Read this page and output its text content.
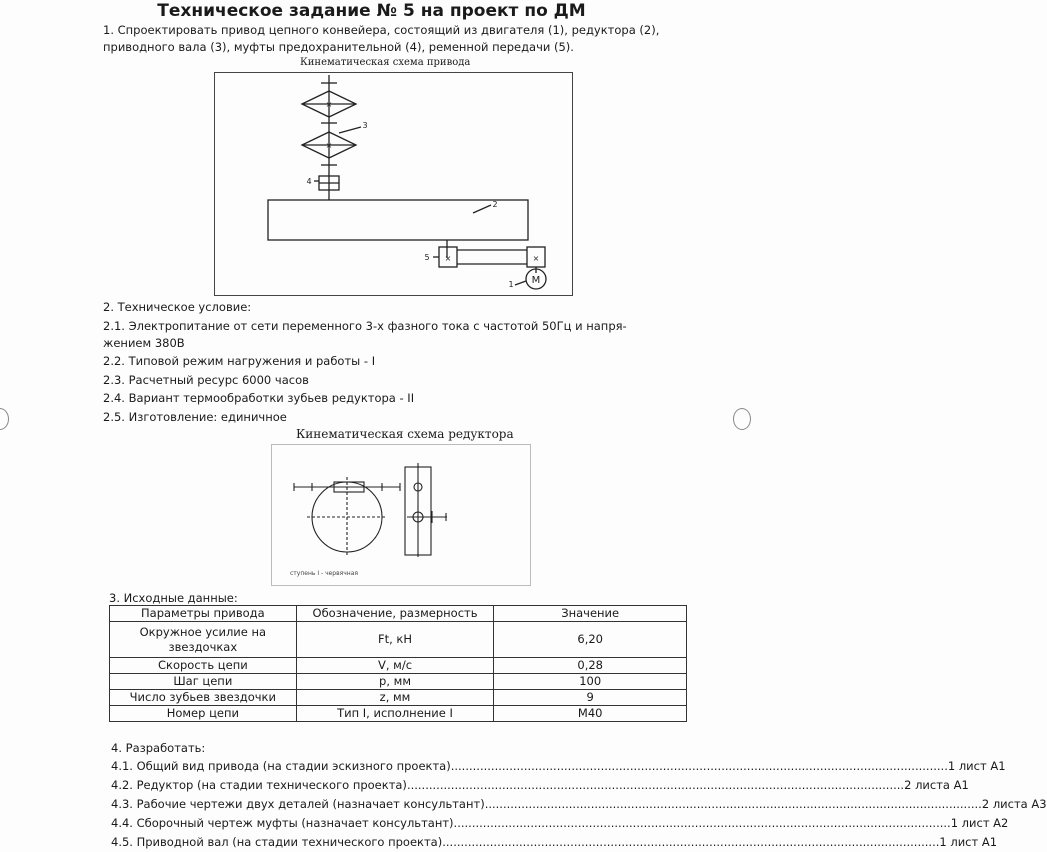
Техническое задание № 5 на проект по ДМ
1. Спроектировать привод цепного конвейера, состоящий из двигателя (1), редуктора (2),
приводного вала (3), муфты предохранительной (4), ременной передачи (5).
Кинематическая схема привода
×
×
×	×
M
3
2
4
5
1
2. Техническое условие:
2.1. Электропитание от сети переменного 3-х фазного тока с частотой 50Гц и напря-
жением 380В
2.2. Типовой режим нагружения и работы - I
2.3. Расчетный ресурс 6000 часов
2.4. Вариант термообработки зубьев редуктора - II
2.5. Изготовление: единичное
Кинематическая схема редуктора
ступень I - червячная
3. Исходные данные:
Параметры привода	Обозначение, размерность	Значение

Окружное усилие на
звездочках	Ft, кН	6,20
Скорость цепи	V, м/с	0,28
Шаг цепи	p, мм	100
Число зубьев звездочки	z, мм	9
Номер цепи	Тип I, исполнение I	М40
4. Разработать:
4.1. Общий вид привода (на стадии эскизного проекта) ........................................................................................................................................ 1 лист А1
4.2. Редуктор (на стадии технического проекта) ........................................................................................................................................ 2 листа А1
4.3. Рабочие чертежи двух деталей (назначает консультант) ........................................................................................................................................ 2 листа А3
4.4. Сборочный чертеж муфты (назначает консультант) ........................................................................................................................................ 1 лист А2
4.5. Приводной вал (на стадии технического проекта) ........................................................................................................................................ 1 лист А1
